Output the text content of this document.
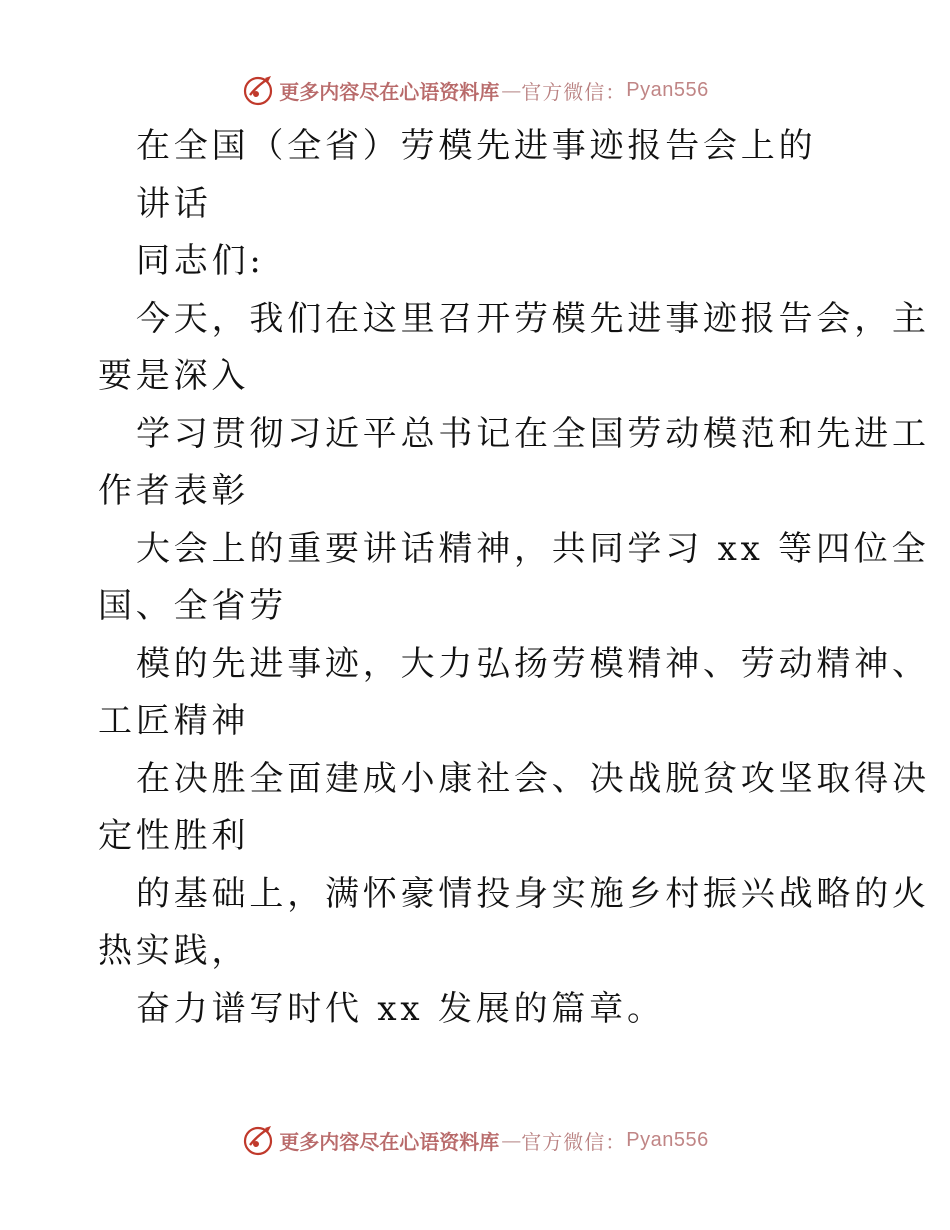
更多内容尽在心语资料库 — 官方微信： Pyan556
在全国（全省）劳模先进事迹报告会上的
讲话
同志们:
今天，我们在这里召开劳模先进事迹报告会，主
要是深入
学习贯彻习近平总书记在全国劳动模范和先进工
作者表彰
大会上的重要讲话精神，共同学习 xx 等四位全
国、全省劳
模的先进事迹，大力弘扬劳模精神、劳动精神、
工匠精神
在决胜全面建成小康社会、决战脱贫攻坚取得决
定性胜利
的基础上，满怀豪情投身实施乡村振兴战略的火
热实践，
奋力谱写时代 xx 发展的篇章。
更多内容尽在心语资料库 — 官方微信： Pyan556
